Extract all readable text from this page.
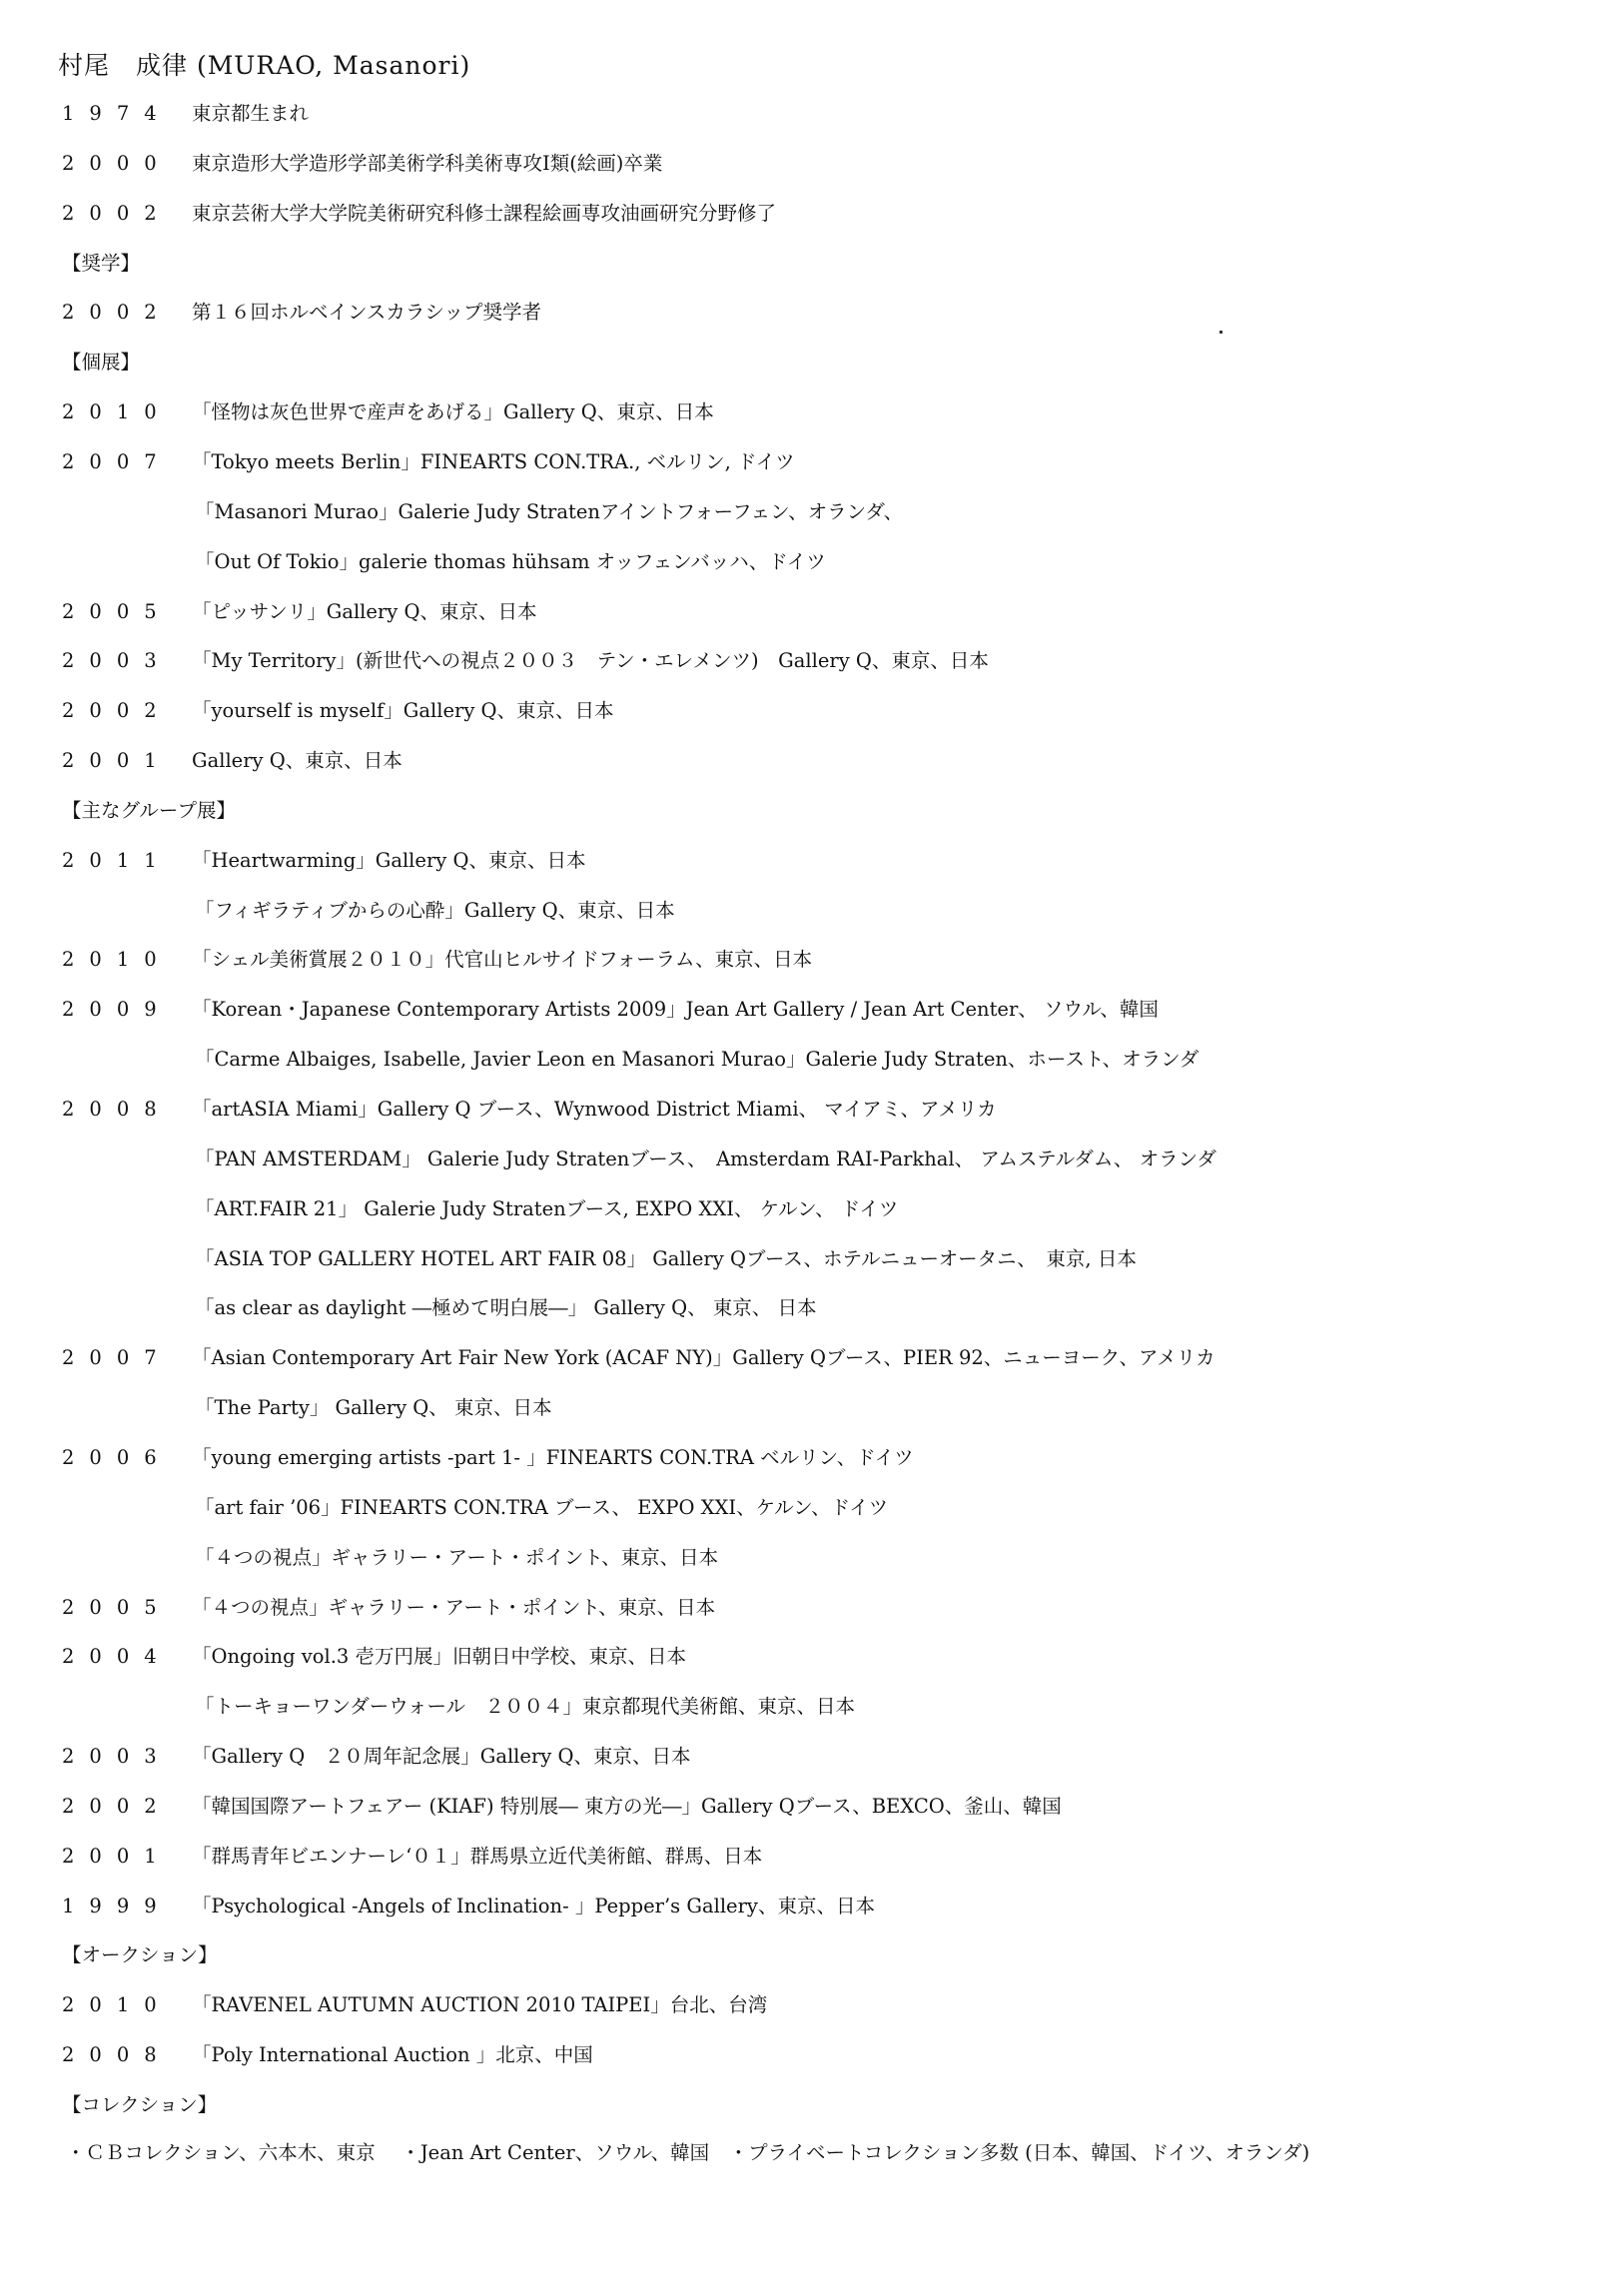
村尾　成律 (MURAO, Masanori)
1974 東京都生まれ
2000 東京造形大学造形学部美術学科美術専攻Ⅰ類(絵画)卒業
2002 東京芸術大学大学院美術研究科修士課程絵画専攻油画研究分野修了
【奨学】
2002 第１６回ホルベインスカラシップ奨学者
【個展】
2010 「怪物は灰色世界で産声をあげる」Gallery Q、東京、日本
2007 「Tokyo meets Berlin」FINEARTS CON.TRA., ベルリン, ドイツ
「Masanori Murao」Galerie Judy Stratenアイントフォーフェン、オランダ、
「Out Of Tokio」galerie thomas hühsam オッフェンバッハ、ドイツ
2005 「ピッサンリ」Gallery Q、東京、日本
2003 「My Territory」(新世代への視点２００３　テン・エレメンツ)　Gallery Q、東京、日本
2002 「yourself is myself」Gallery Q、東京、日本
2001 Gallery Q、東京、日本
【主なグループ展】
2011 「Heartwarming」Gallery Q、東京、日本
「フィギラティブからの心酔」Gallery Q、東京、日本
2010 「シェル美術賞展２０１０」代官山ヒルサイドフォーラム、東京、日本
2009 「Korean・Japanese Contemporary Artists 2009」Jean Art Gallery / Jean Art Center、 ソウル、韓国
「Carme Albaiges, Isabelle, Javier Leon en Masanori Murao」Galerie Judy Straten、ホースト、オランダ
2008 「artASIA Miami」Gallery Q ブース、Wynwood District Miami、 マイアミ、アメリカ
「PAN AMSTERDAM」 Galerie Judy Stratenブース、　Amsterdam RAI-Parkhal、 アムステルダム、 オランダ
「ART.FAIR 21」 Galerie Judy Stratenブース, EXPO XXI、 ケルン、 ドイツ
「ASIA TOP GALLERY HOTEL ART FAIR 08」 Gallery Qブース、ホテルニューオータニ、　東京, 日本
「as clear as daylight ―極めて明白展―」 Gallery Q、 東京、 日本
2007 「Asian Contemporary Art Fair New York (ACAF NY)」Gallery Qブース、PIER 92、ニューヨーク、アメリカ
「The Party」 Gallery Q、 東京、日本
2006 「young emerging artists -part 1- 」FINEARTS CON.TRA ベルリン、ドイツ
「art fair ’06」FINEARTS CON.TRA ブース、 EXPO XXI、ケルン、ドイツ
「４つの視点」ギャラリー・アート・ポイント、東京、日本
2005 「４つの視点」ギャラリー・アート・ポイント、東京、日本
2004 「Ongoing vol.3 壱万円展」旧朝日中学校、東京、日本
「トーキョーワンダーウォール　２００４」東京都現代美術館、東京、日本
2003 「Gallery Q　２０周年記念展」Gallery Q、東京、日本
2002 「韓国国際アートフェアー (KIAF) 特別展― 東方の光―」Gallery Qブース、BEXCO、釜山、韓国
2001 「群馬青年ビエンナーレ‘０１」群馬県立近代美術館、群馬、日本
1999 「Psychological -Angels of Inclination- 」Pepper’s Gallery、東京、日本
【オークション】
2010 「RAVENEL AUTUMN AUCTION 2010 TAIPEI」台北、台湾
2008 「Poly International Auction 」北京、中国
【コレクション】
・ＣＢコレクション、六本木、東京　 ・Jean Art Center、ソウル、韓国　・プライベートコレクション多数 (日本、韓国、ドイツ、オランダ)
